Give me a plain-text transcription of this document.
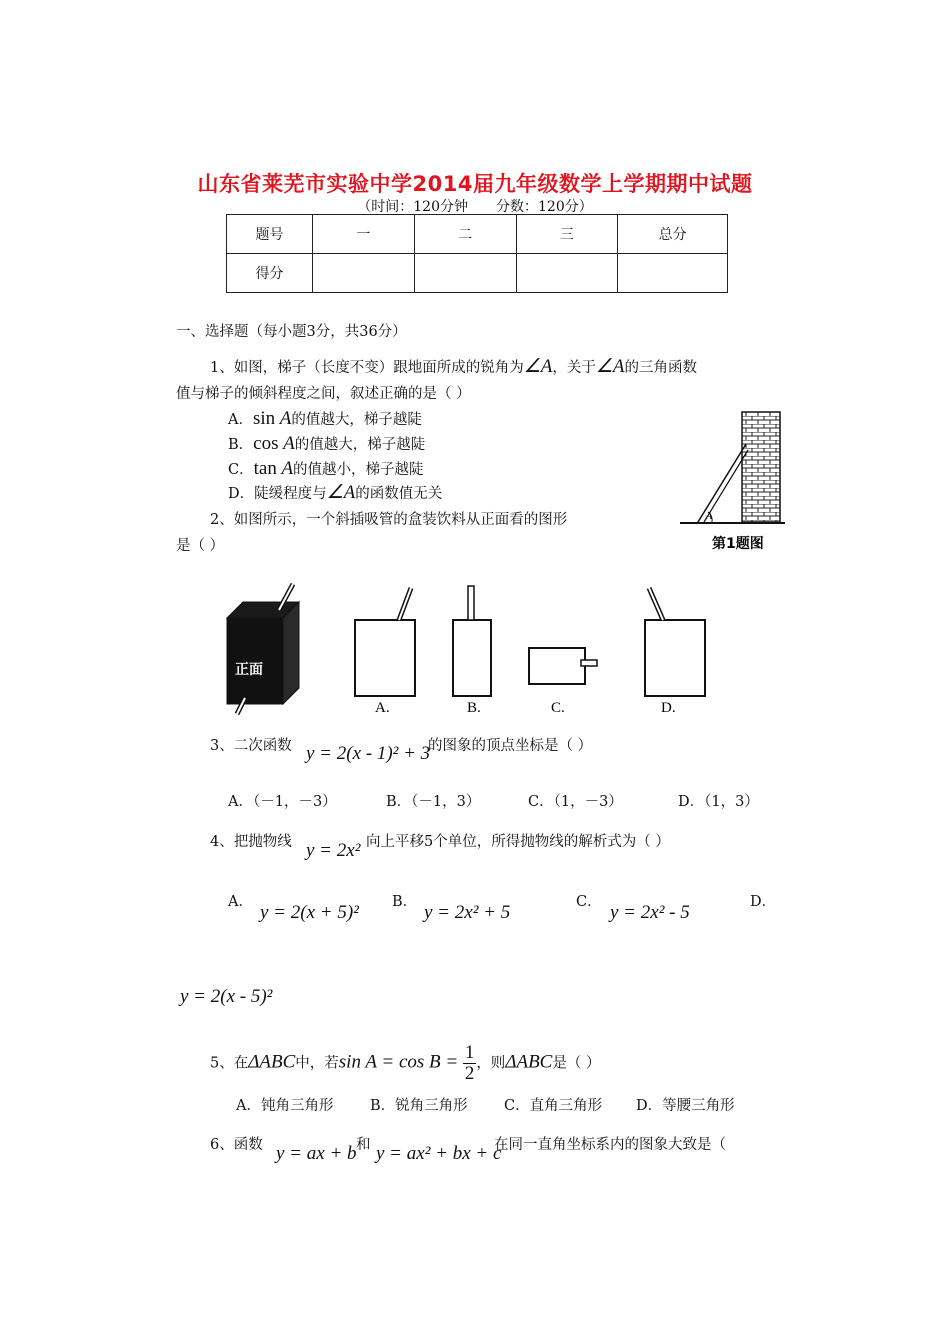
山东省莱芜市实验中学2014届九年级数学上学期期中试题
（时间：120分钟 分数：120分）
题号	一	二	三	总分
得分				
一、选择题（每小题3分，共36分）
1、如图，梯子（长度不变）跟地面所成的锐角为∠A，关于∠A的三角函数
值与梯子的倾斜程度之间，叙述正确的是（ ）
A．sin A的值越大，梯子越陡
B．cos A的值越大，梯子越陡
C．tan A的值越小，梯子越陡
D．陡缓程度与∠A的函数值无关
A
第1题图
2、如图所示，一个斜插吸管的盒装饮料从正面看的图形
是（ ）
正面
A.	B.	C.	D.
3、二次函数 y = 2(x - 1)² + 3
的图象的顶点坐标是（ ）
A．（－1，－3）	B．（－1，3）	C．（1，－3）	D．（1，3）
4、把抛物线 y = 2x² 向上平移5个单位，所得抛物线的解析式为（ ）
A． y = 2(x + 5)² B． y = 2x² + 5	C． y = 2x² - 5	D．
y = 2(x - 5)²
5、在ΔABC中，若$\sin A = \cos B = \frac{1}{2}$ ，则ΔABC是（ ）
A．钝角三角形	B．锐角三角形	C．直角三角形 D．等腰三角形
6、函数 y = ax + b 和 y = ax² + bx + c
在同一直角坐标系内的图象大致是（
